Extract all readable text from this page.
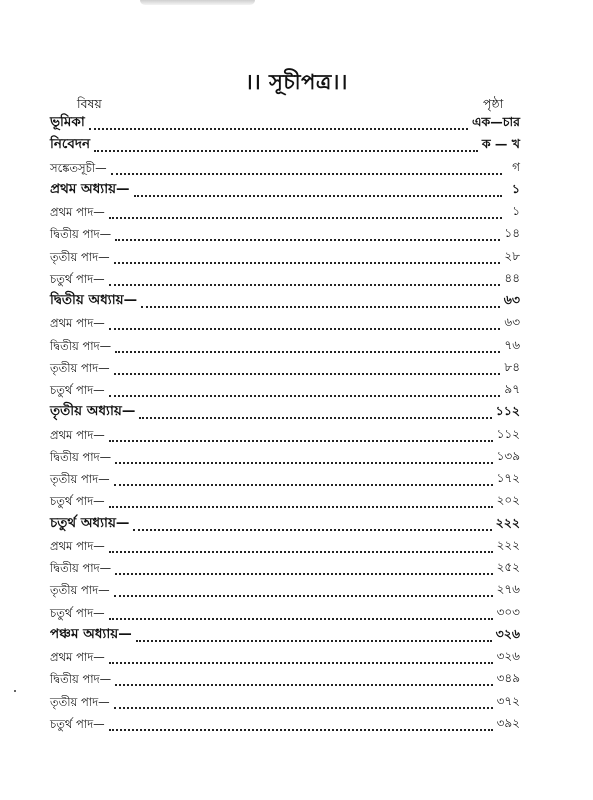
।। সূচীপত্র।।
বিষয়	পৃষ্ঠা
ভূমিকা	এক—চার
নিবেদন	ক — খ
সঙ্কেতসূচী—	গ
প্রথম অধ্যায়—	১
প্রথম পাদ—	১
দ্বিতীয় পাদ—	১৪
তৃতীয় পাদ—	২৮
চতুর্থ পাদ—	৪৪
দ্বিতীয় অধ্যায়—	৬৩
প্রথম পাদ—	৬৩
দ্বিতীয় পাদ—	৭৬
তৃতীয় পাদ—	৮৪
চতুর্থ পাদ—	৯৭
তৃতীয় অধ্যায়—	১১২
প্রথম পাদ—	১১২
দ্বিতীয় পাদ—	১৩৯
তৃতীয় পাদ—	১৭২
চতুর্থ পাদ—	২০২
চতুর্থ অধ্যায়—	২২২
প্রথম পাদ—	২২২
দ্বিতীয় পাদ—	২৫২
তৃতীয় পাদ—	২৭৬
চতুর্থ পাদ—	৩০৩
পঞ্চম অধ্যায়—	৩২৬
প্রথম পাদ—	৩২৬
দ্বিতীয় পাদ—	৩৪৯
তৃতীয় পাদ—	৩৭২
চতুর্থ পাদ—	৩৯২
